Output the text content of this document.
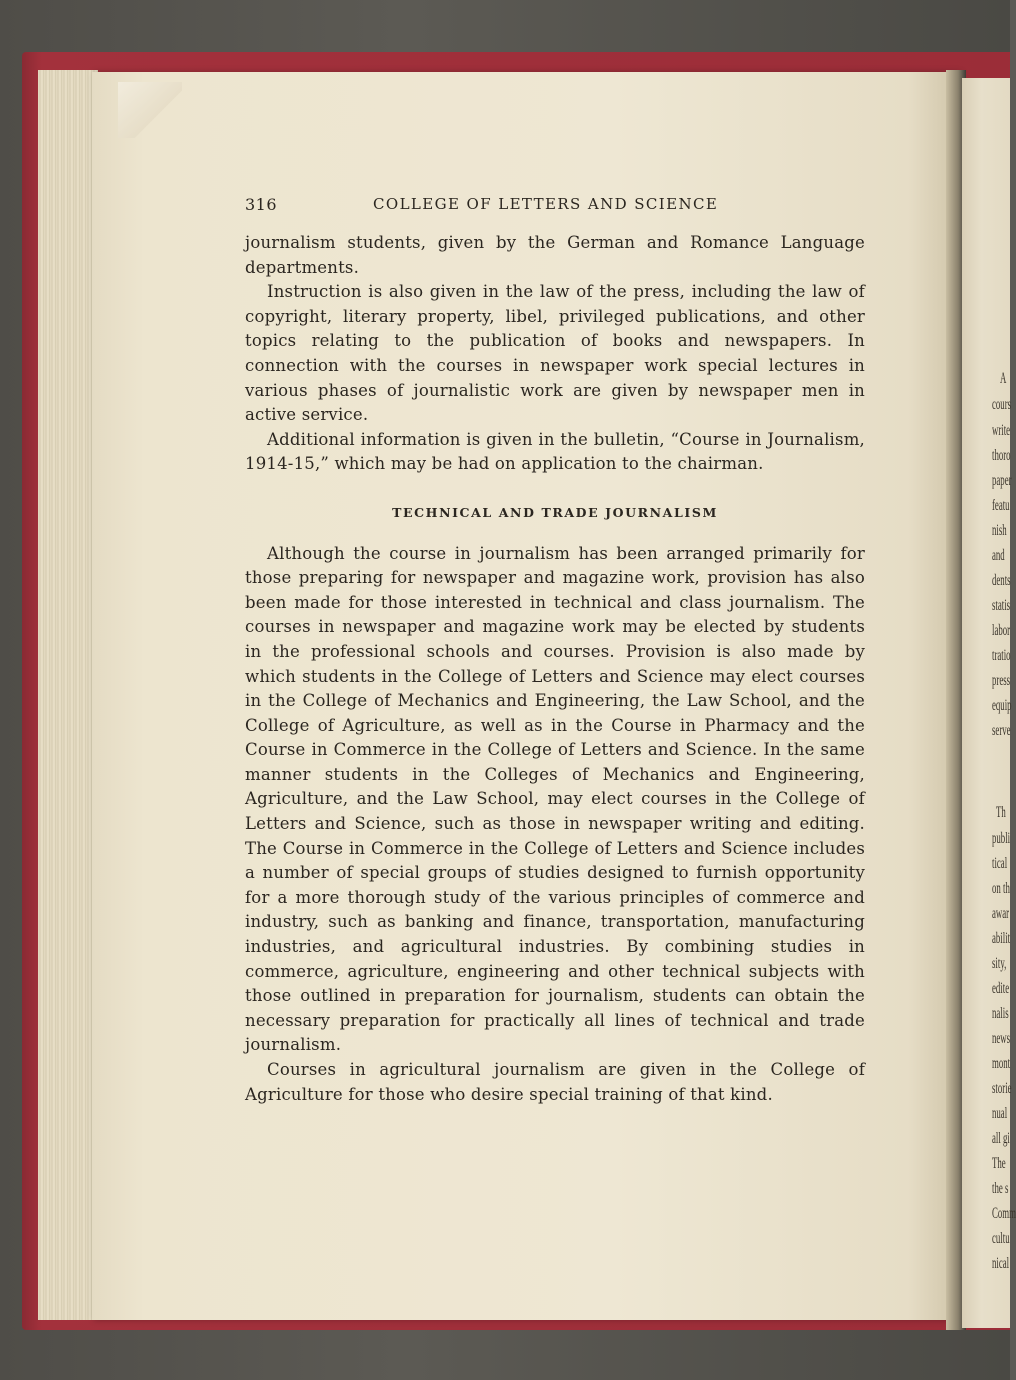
A
cours
write
thoro
paper
featu
nish
and
dents
statis
labor
tratio
press
equip
serve
Th
publi
tical
on th
awar
abilit
sity,
edite
nalis
news
mont
storie
nual
all gi
The
the s
Comm
cultu
nical
316	COLLEGE OF LETTERS AND SCIENCE

journalism students, given by the German and Romance Language departments.

Instruction is also given in the law of the press, including the law of copyright, literary property, libel, privileged publications, and other topics relating to the publication of books and newspapers. In connection with the courses in newspaper work special lectures in various phases of journalistic work are given by newspaper men in active service.

Additional information is given in the bulletin, “Course in Journalism, 1914-15,” which may be had on application to the chairman.

TECHNICAL AND TRADE JOURNALISM

Although the course in journalism has been arranged primarily for those preparing for newspaper and magazine work, provision has also been made for those interested in technical and class journalism. The courses in newspaper and magazine work may be elected by students in the professional schools and courses. Provision is also made by which students in the College of Letters and Science may elect courses in the College of Mechanics and Engineering, the Law School, and the College of Agriculture, as well as in the Course in Pharmacy and the Course in Commerce in the College of Letters and Science. In the same manner students in the Colleges of Mechanics and Engineering, Agriculture, and the Law School, may elect courses in the College of Letters and Science, such as those in newspaper writing and editing. The Course in Commerce in the College of Letters and Science includes a number of special groups of studies designed to furnish opportunity for a more thorough study of the various principles of commerce and industry, such as banking and finance, transportation, manufacturing industries, and agricultural industries. By combining studies in commerce, agriculture, engineering and other technical subjects with those outlined in preparation for journalism, students can obtain the necessary preparation for practically all lines of technical and trade journalism.

Courses in agricultural journalism are given in the College of Agriculture for those who desire special training of that kind.
